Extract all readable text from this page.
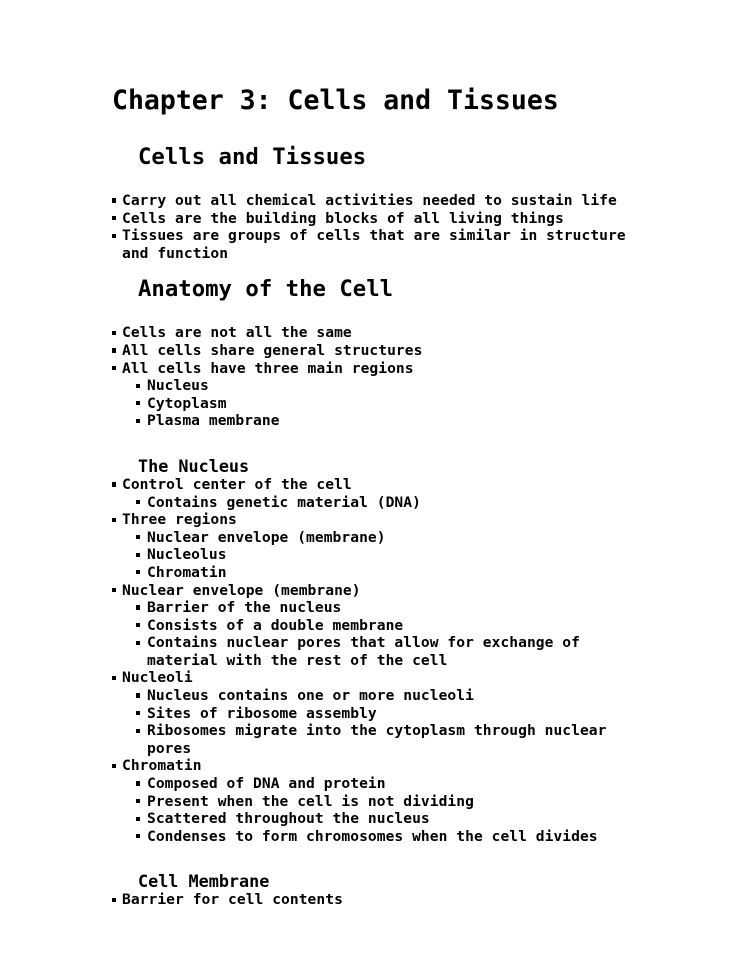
Chapter 3: Cells and Tissues
Cells and Tissues
Carry out all chemical activities needed to sustain life
Cells are the building blocks of all living things
Tissues are groups of cells that are similar in structure and function
Anatomy of the Cell
Cells are not all the same
All cells share general structures
All cells have three main regions
Nucleus
Cytoplasm
Plasma membrane
The Nucleus
Control center of the cell
Contains genetic material (DNA)
Three regions
Nuclear envelope (membrane)
Nucleolus
Chromatin
Nuclear envelope (membrane)
Barrier of the nucleus
Consists of a double membrane
Contains nuclear pores that allow for exchange of material with the rest of the cell
Nucleoli
Nucleus contains one or more nucleoli
Sites of ribosome assembly
Ribosomes migrate into the cytoplasm through nuclear pores
Chromatin
Composed of DNA and protein
Present when the cell is not dividing
Scattered throughout the nucleus
Condenses to form chromosomes when the cell divides
Cell Membrane
Barrier for cell contents
